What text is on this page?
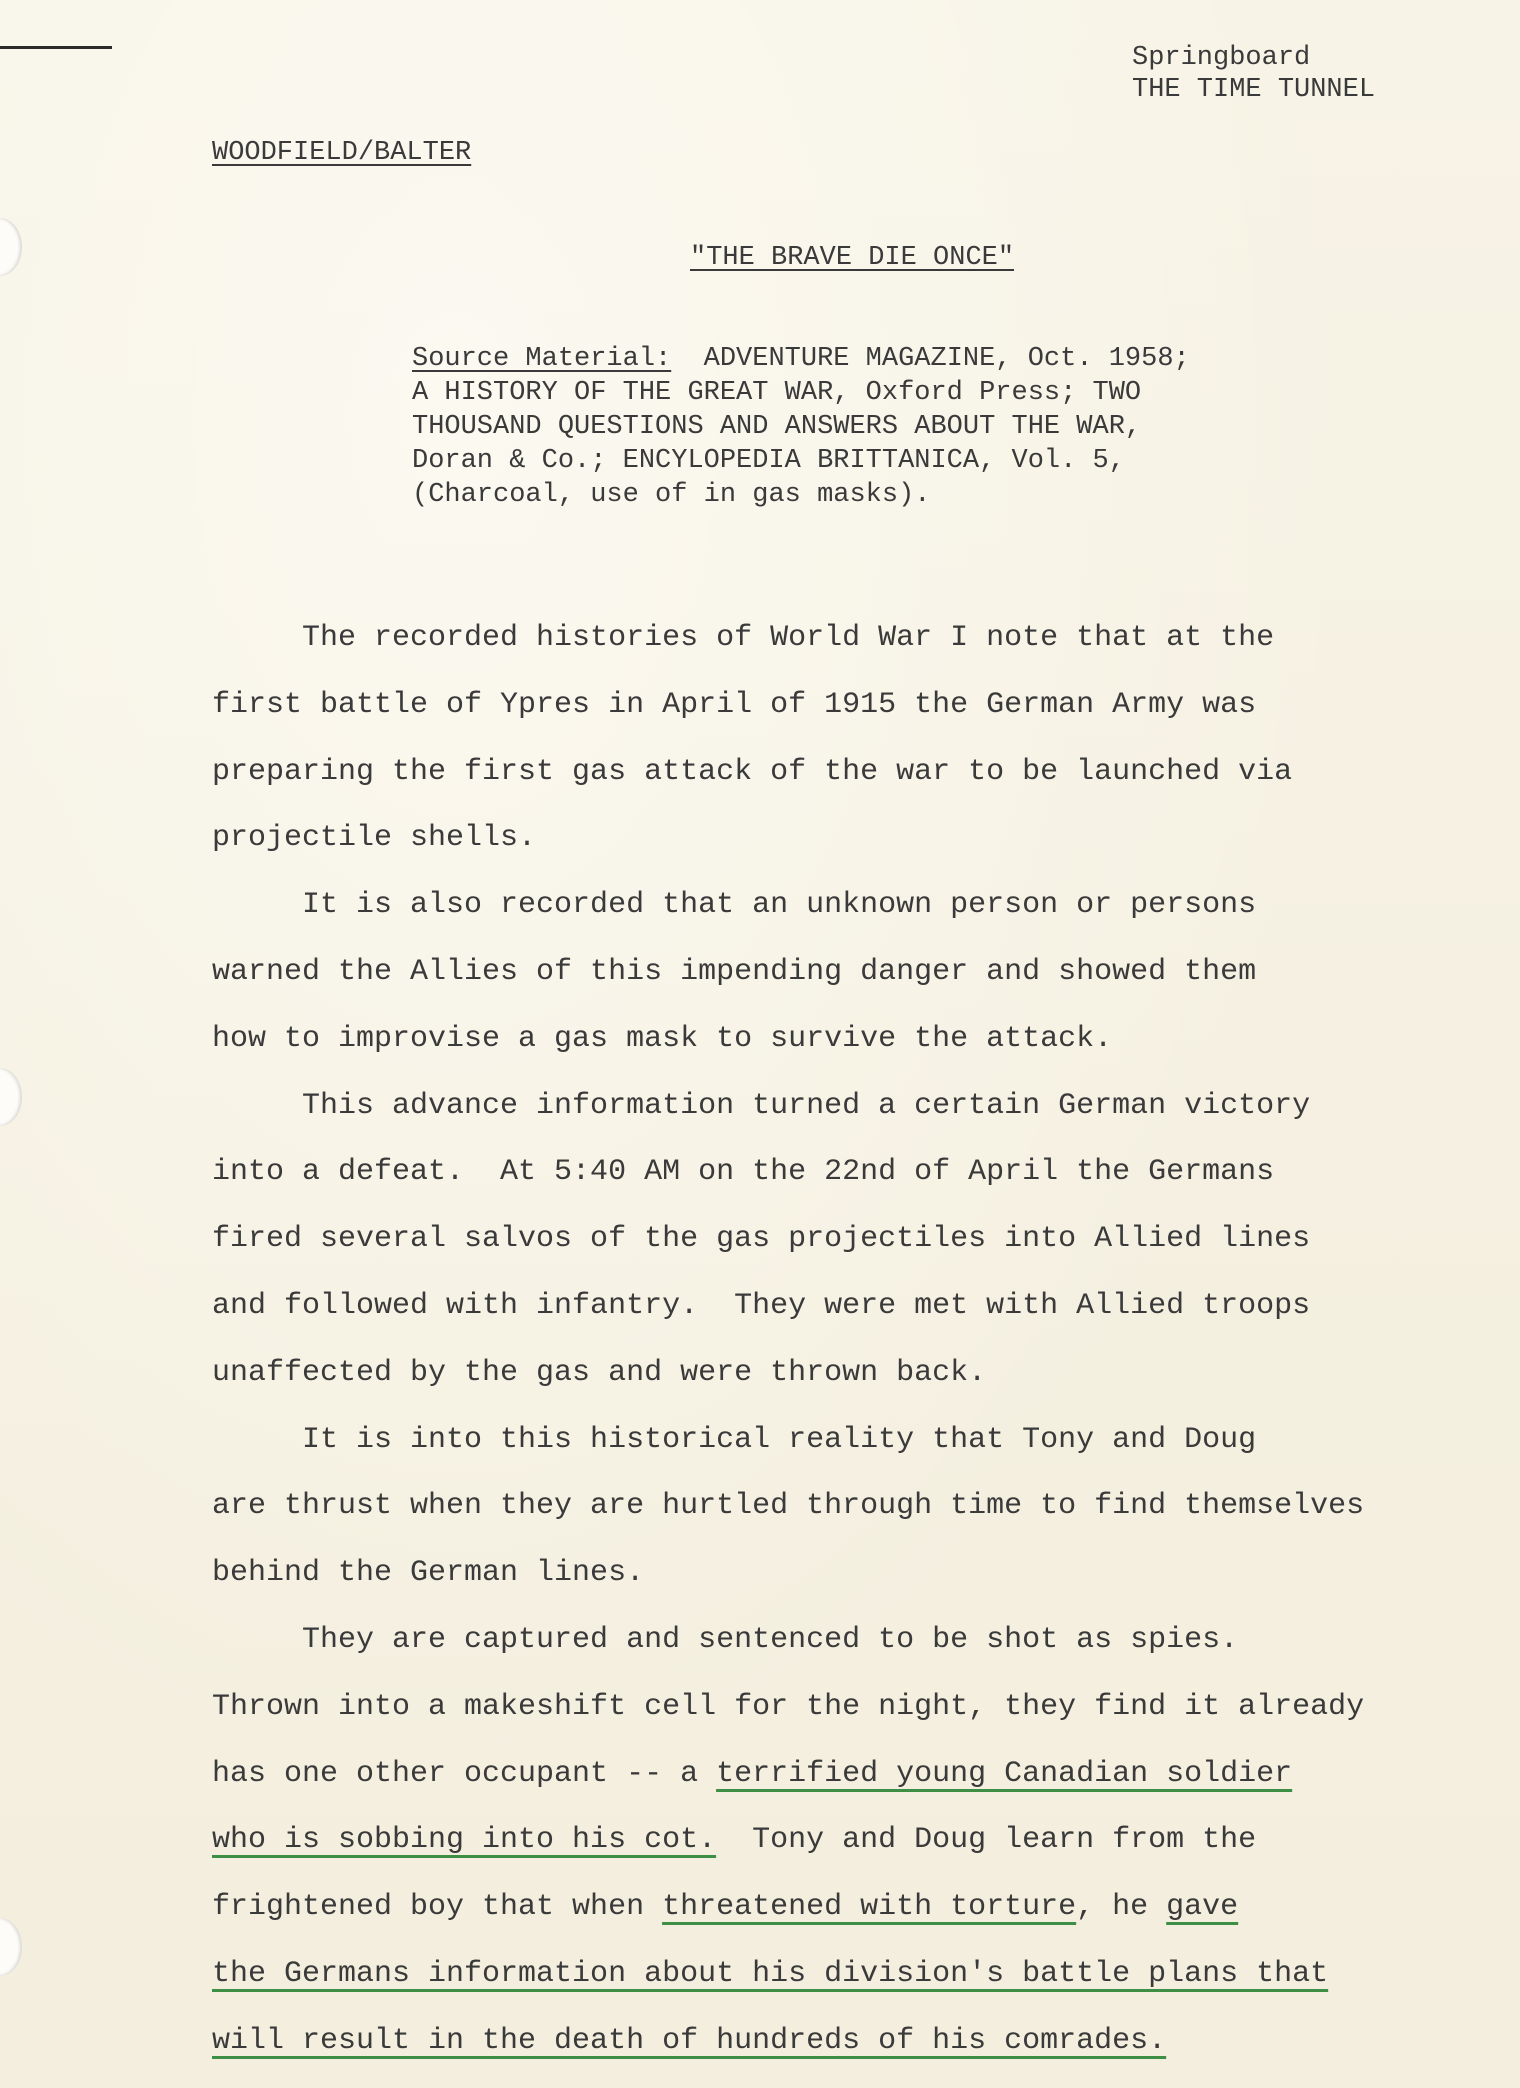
Springboard
THE TIME TUNNEL
WOODFIELD/BALTER
"THE BRAVE DIE ONCE"
Source Material: ADVENTURE MAGAZINE, Oct. 1958;
A HISTORY OF THE GREAT WAR, Oxford Press; TWO
THOUSAND QUESTIONS AND ANSWERS ABOUT THE WAR,
Doran & Co.; ENCYLOPEDIA BRITTANICA, Vol. 5,
(Charcoal, use of in gas masks).
The recorded histories of World War I note that at the
first battle of Ypres in April of 1915 the German Army was
preparing the first gas attack of the war to be launched via
projectile shells.
It is also recorded that an unknown person or persons
warned the Allies of this impending danger and showed them
how to improvise a gas mask to survive the attack.
This advance information turned a certain German victory
into a defeat.  At 5:40 AM on the 22nd of April the Germans
fired several salvos of the gas projectiles into Allied lines
and followed with infantry.  They were met with Allied troops
unaffected by the gas and were thrown back.
It is into this historical reality that Tony and Doug
are thrust when they are hurtled through time to find themselves
behind the German lines.
They are captured and sentenced to be shot as spies.
Thrown into a makeshift cell for the night, they find it already
has one other occupant -- a terrified young Canadian soldier
who is sobbing into his cot.  Tony and Doug learn from the
frightened boy that when threatened with torture, he gave
the Germans information about his division's battle plans that
will result in the death of hundreds of his comrades.
